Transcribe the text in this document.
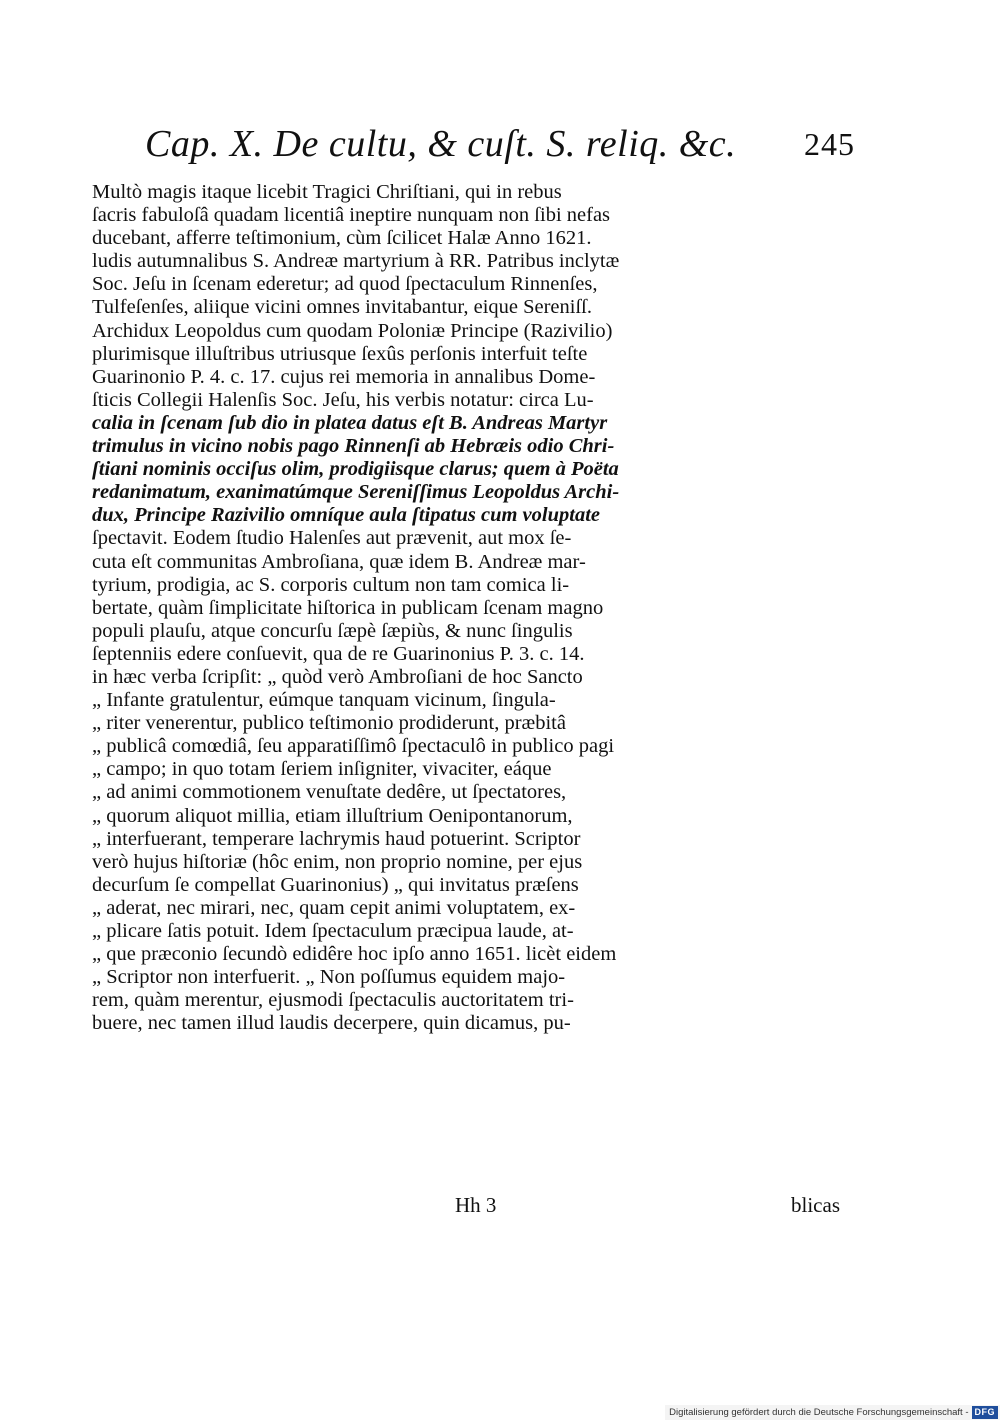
Cap. X. De cultu, & cuſt. S. reliq. &c. 245
Multò magis itaque licebit Tragici Chriſtiani, qui in rebus
ſacris fabuloſâ quadam licentiâ ineptire nunquam non ſibi nefas
ducebant, afferre teſtimonium, cùm ſcilicet Halæ Anno 1621.
ludis autumnalibus S. Andreæ martyrium à RR. Patribus inclytæ
Soc. Jeſu in ſcenam ederetur; ad quod ſpectaculum Rinnenſes,
Tulfeſenſes, aliique vicini omnes invitabantur, eique Sereniſſ.
Archidux Leopoldus cum quodam Poloniæ Principe (Razivilio)
plurimisque illuſtribus utriusque ſexûs perſonis interfuit teſte
Guarinonio P. 4. c. 17. cujus rei memoria in annalibus Dome-
ſticis Collegii Halenſis Soc. Jeſu, his verbis notatur: circa Lu-
calia in ſcenam ſub dio in platea datus eſt B. Andreas Martyr
trimulus in vicino nobis pago Rinnenſi ab Hebræis odio Chri-
ſtiani nominis occiſus olim, prodigiisque clarus; quem à Poëta
redanimatum, exanimatúmque Sereniſſimus Leopoldus Archi-
dux, Principe Razivilio omníque aula ſtipatus cum voluptate
ſpectavit. Eodem ſtudio Halenſes aut prævenit, aut mox ſe-
cuta eſt communitas Ambroſiana, quæ idem B. Andreæ mar-
tyrium, prodigia, ac S. corporis cultum non tam comica li-
bertate, quàm ſimplicitate hiſtorica in publicam ſcenam magno
populi plauſu, atque concurſu ſæpè ſæpiùs, & nunc ſingulis
ſeptenniis edere conſuevit, qua de re Guarinonius P. 3. c. 14.
in hæc verba ſcripſit: „ quòd verò Ambroſiani de hoc Sancto
„ Infante gratulentur, eúmque tanquam vicinum, ſingula-
„ riter venerentur, publico teſtimonio prodiderunt, præbitâ
„ publicâ comœdiâ, ſeu apparatiſſimô ſpectaculô in publico pagi
„ campo; in quo totam ſeriem inſigniter, vivaciter, eáque
„ ad animi commotionem venuſtate dedêre, ut ſpectatores,
„ quorum aliquot millia, etiam illuſtrium Oenipontanorum,
„ interfuerant, temperare lachrymis haud potuerint. Scriptor
verò hujus hiſtoriæ (hôc enim, non proprio nomine, per ejus
decurſum ſe compellat Guarinonius) „ qui invitatus præſens
„ aderat, nec mirari, nec, quam cepit animi voluptatem, ex-
„ plicare ſatis potuit. Idem ſpectaculum præcipua laude, at-
„ que præconio ſecundò edidêre hoc ipſo anno 1651. licèt eidem
„ Scriptor non interfuerit. „ Non poſſumus equidem majo-
rem, quàm merentur, ejusmodi ſpectaculis auctoritatem tri-
buere, nec tamen illud laudis decerpere, quin dicamus, pu-
Hh 3	blicas
Digitalisierung gefördert durch die Deutsche Forschungsgemeinschaft - DFG
